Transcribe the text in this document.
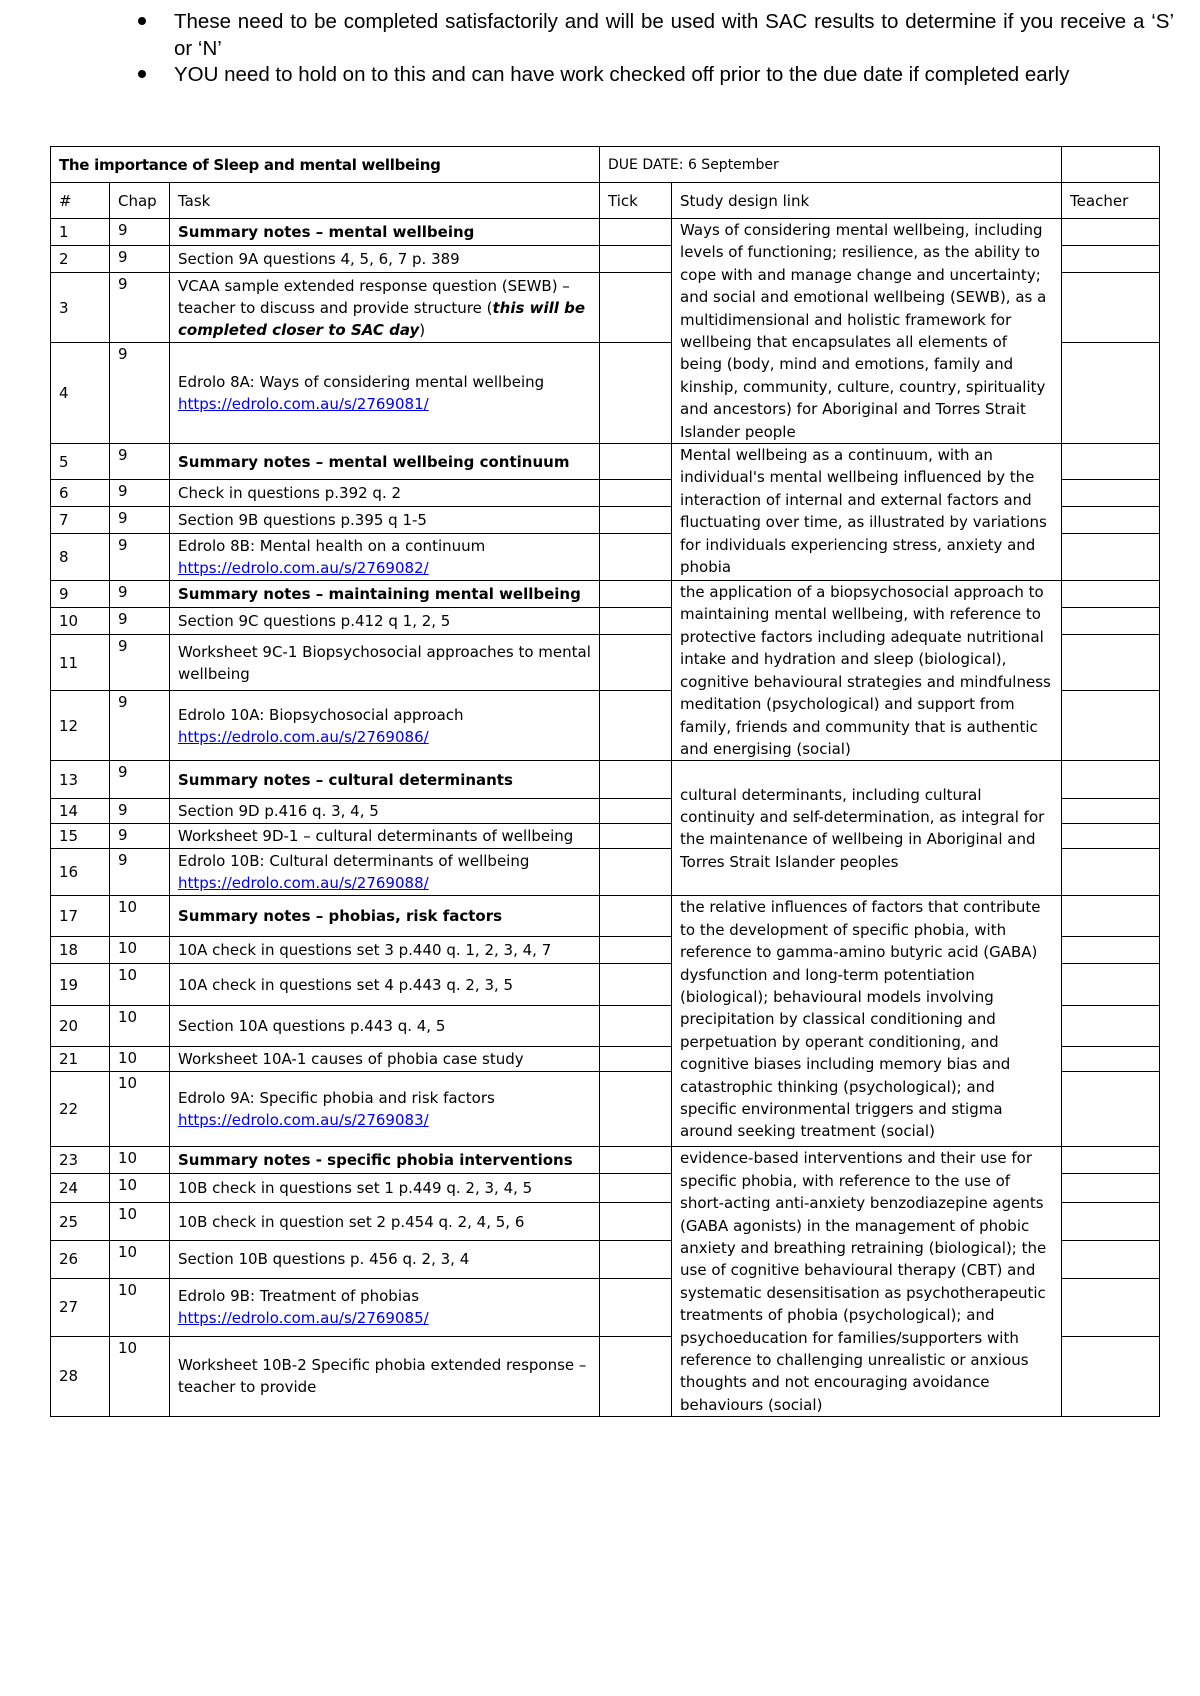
These need to be completed satisfactorily and will be used with SAC results to determine if you receive a ‘S’ or ‘N’
YOU need to hold on to this and can have work checked off prior to the due date if completed early
The importance of Sleep and mental wellbeing			DUE DATE: 6 September		
#	Chap	Task	Tick	Study design link	Teacher
1	9	Summary notes – mental wellbeing		Ways of considering mental wellbeing, including levels of functioning; resilience, as the ability to cope with and manage change and uncertainty; and social and emotional wellbeing (SEWB), as a multidimensional and holistic framework for wellbeing that encapsulates all elements of being (body, mind and emotions, family and kinship, community, culture, country, spirituality and ancestors) for Aboriginal and Torres Strait Islander people	
2	9	Section 9A questions 4, 5, 6, 7 p. 389			
3	9	VCAA sample extended response question (SEWB) – teacher to discuss and provide structure (this will be completed closer to SAC day)			
4	9	Edrolo 8A: Ways of considering mental wellbeing
https://edrolo.com.au/s/2769081/			
5	9	Summary notes – mental wellbeing continuum		Mental wellbeing as a continuum, with an individual's mental wellbeing influenced by the interaction of internal and external factors and fluctuating over time, as illustrated by variations for individuals experiencing stress, anxiety and phobia	
6	9	Check in questions p.392 q. 2			
7	9	Section 9B questions p.395 q 1-5			
8	9	Edrolo 8B: Mental health on a continuum
https://edrolo.com.au/s/2769082/			
9	9	Summary notes – maintaining mental wellbeing		the application of a biopsychosocial approach to maintaining mental wellbeing, with reference to protective factors including adequate nutritional intake and hydration and sleep (biological), cognitive behavioural strategies and mindfulness meditation (psychological) and support from family, friends and community that is authentic and energising (social)	
10	9	Section 9C questions p.412 q 1, 2, 5			
11	9	Worksheet 9C-1 Biopsychosocial approaches to mental wellbeing			
12	9	Edrolo 10A: Biopsychosocial approach
https://edrolo.com.au/s/2769086/			
13	9	Summary notes – cultural determinants		cultural determinants, including cultural continuity and self-determination, as integral for the maintenance of wellbeing in Aboriginal and Torres Strait Islander peoples	
14	9	Section 9D p.416 q. 3, 4, 5			
15	9	Worksheet 9D-1 – cultural determinants of wellbeing			
16	9	Edrolo 10B: Cultural determinants of wellbeing
https://edrolo.com.au/s/2769088/			
17	10	Summary notes – phobias, risk factors		the relative influences of factors that contribute to the development of specific phobia, with reference to gamma-amino butyric acid (GABA) dysfunction and long-term potentiation (biological); behavioural models involving precipitation by classical conditioning and perpetuation by operant conditioning, and cognitive biases including memory bias and catastrophic thinking (psychological); and specific environmental triggers and stigma around seeking treatment (social)	
18	10	10A check in questions set 3 p.440 q. 1, 2, 3, 4, 7			
19	10	10A check in questions set 4 p.443 q. 2, 3, 5			
20	10	Section 10A questions p.443 q. 4, 5			
21	10	Worksheet 10A-1 causes of phobia case study			
22	10	Edrolo 9A: Specific phobia and risk factors
https://edrolo.com.au/s/2769083/			
23	10	Summary notes - specific phobia interventions		evidence-based interventions and their use for specific phobia, with reference to the use of short-acting anti-anxiety benzodiazepine agents (GABA agonists) in the management of phobic anxiety and breathing retraining (biological); the use of cognitive behavioural therapy (CBT) and systematic desensitisation as psychotherapeutic treatments of phobia (psychological); and psychoeducation for families/supporters with reference to challenging unrealistic or anxious thoughts and not encouraging avoidance behaviours (social)	
24	10	10B check in questions set 1 p.449 q. 2, 3, 4, 5			
25	10	10B check in question set 2 p.454 q. 2, 4, 5, 6			
26	10	Section 10B questions p. 456 q. 2, 3, 4			
27	10	Edrolo 9B: Treatment of phobias
https://edrolo.com.au/s/2769085/			
28	10	Worksheet 10B-2 Specific phobia extended response – teacher to provide			
